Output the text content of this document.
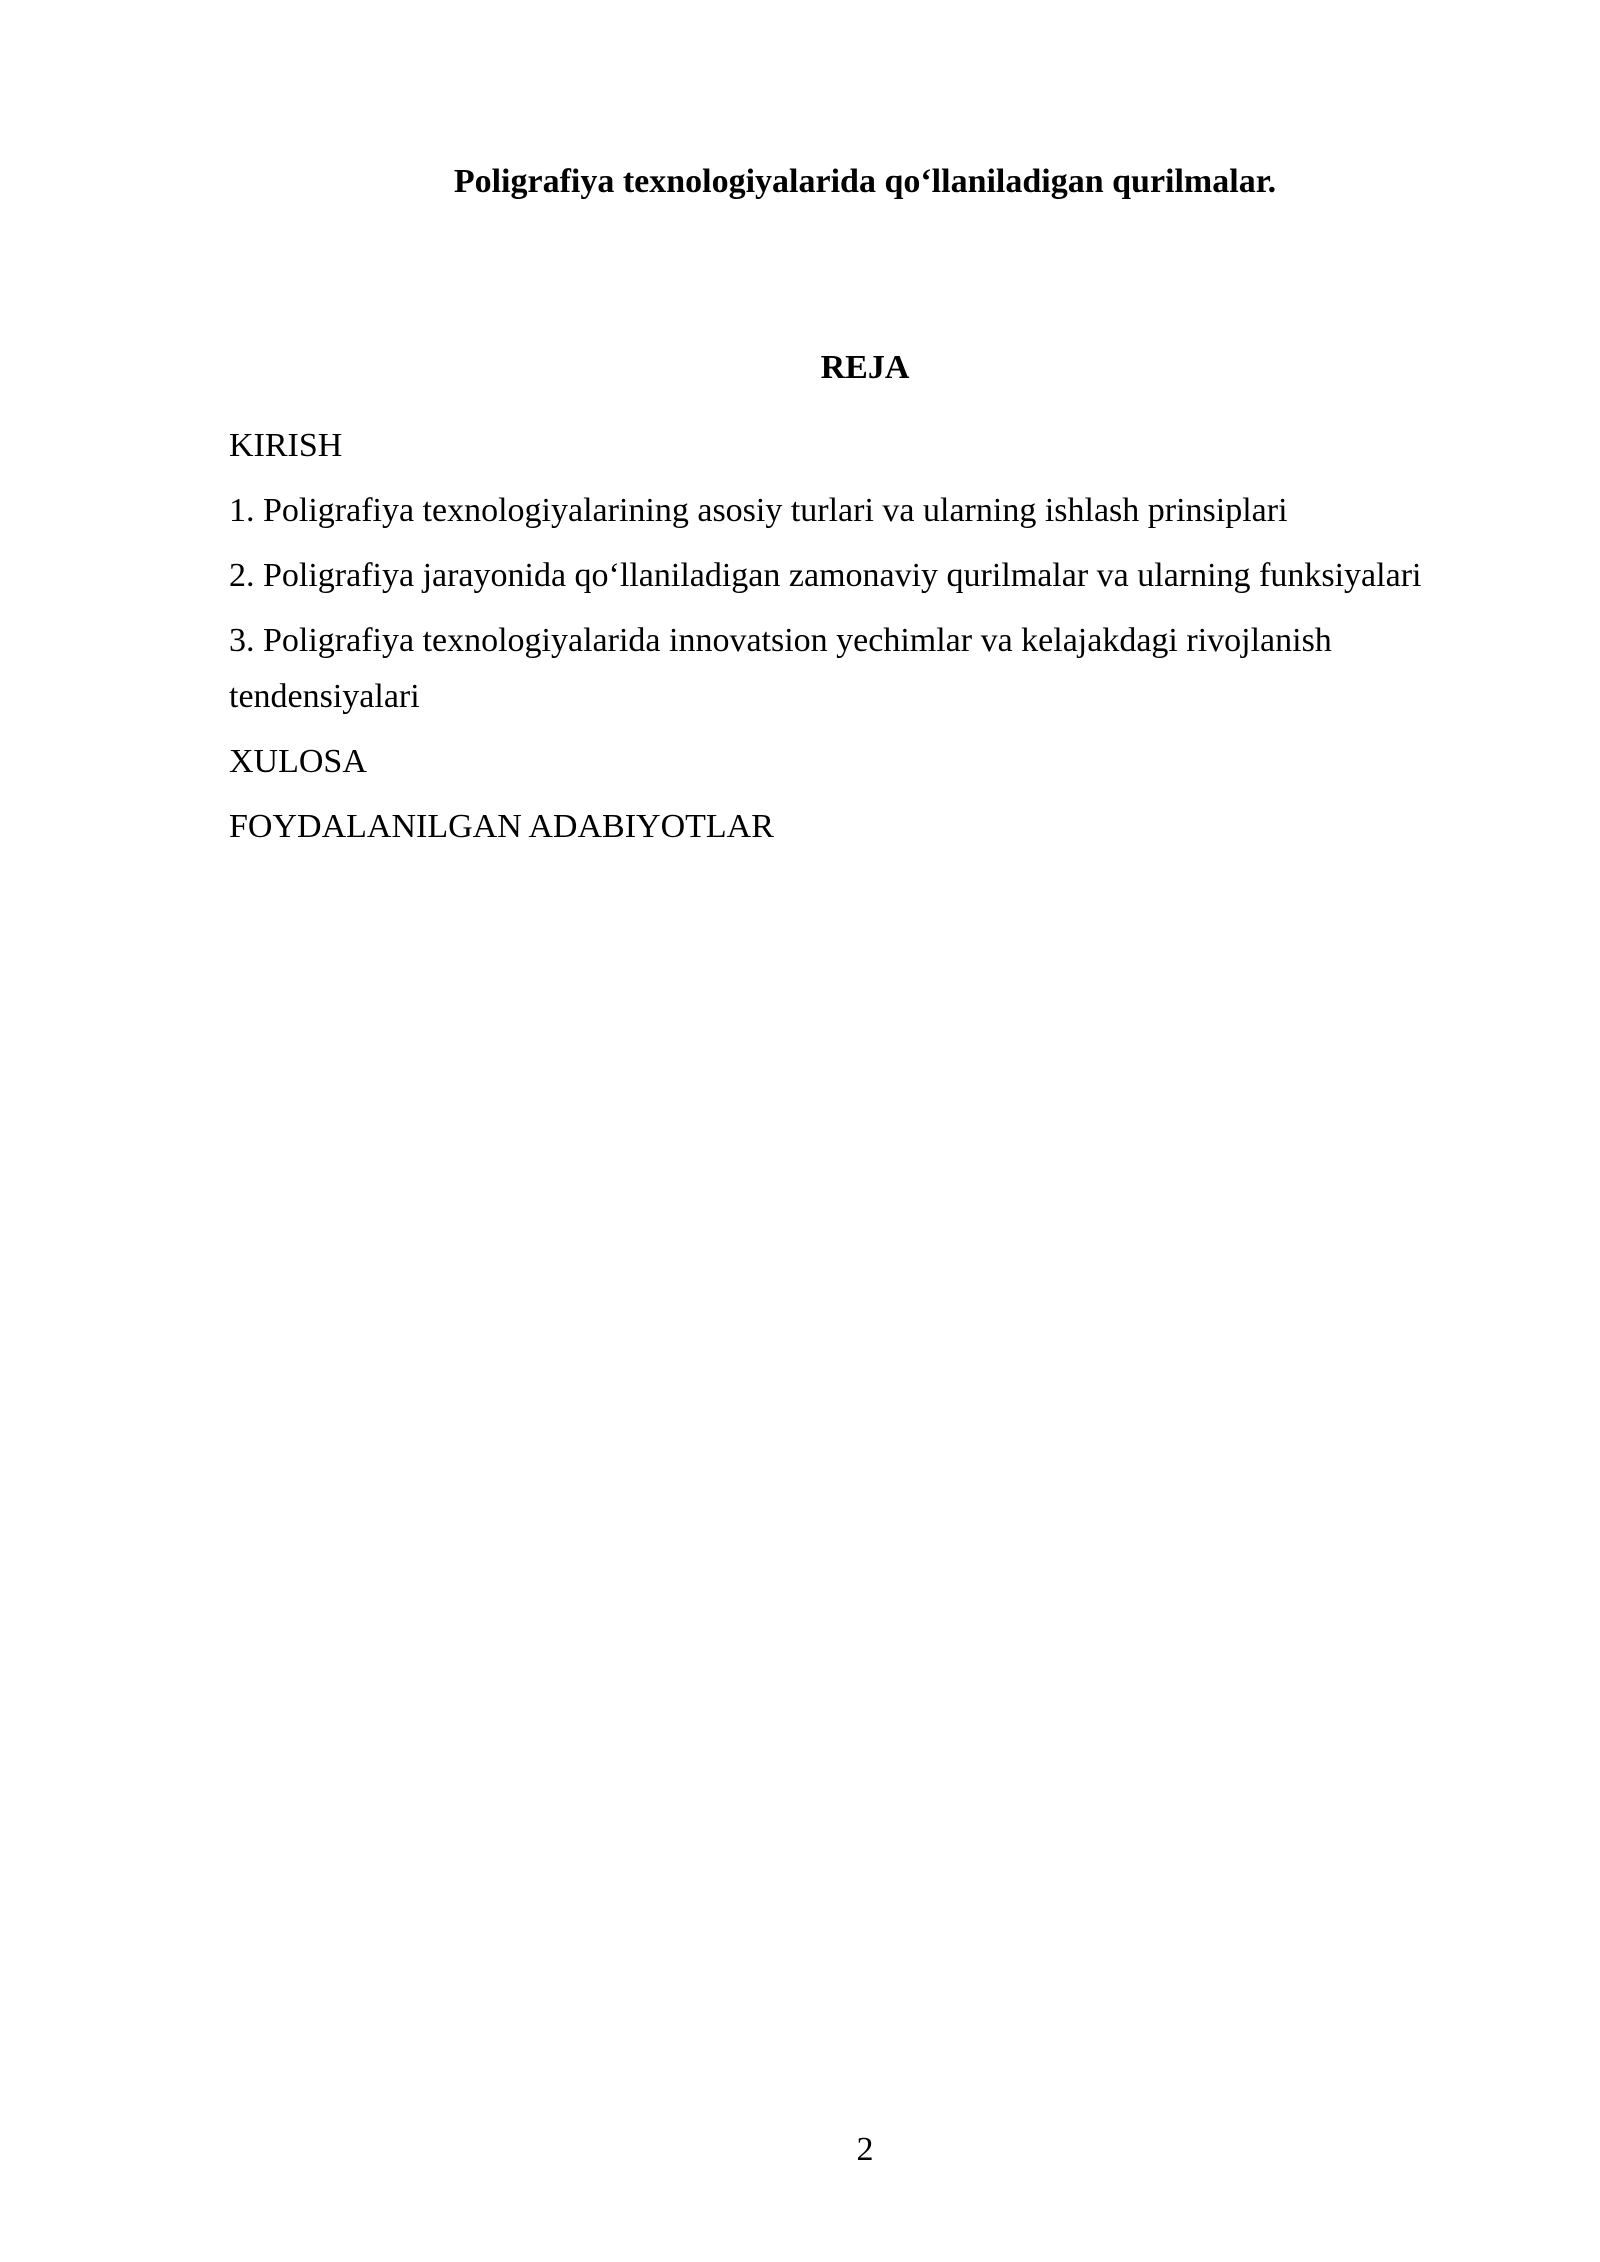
Poligrafiya texnologiyalarida qo‘llaniladigan qurilmalar.
REJA
KIRISH
1. Poligrafiya texnologiyalarining asosiy turlari va ularning ishlash prinsiplari
2. Poligrafiya jarayonida qo‘llaniladigan zamonaviy qurilmalar va ularning funksiyalari
3. Poligrafiya texnologiyalarida innovatsion yechimlar va kelajakdagi rivojlanish tendensiyalari
XULOSA
FOYDALANILGAN ADABIYOTLAR
2
